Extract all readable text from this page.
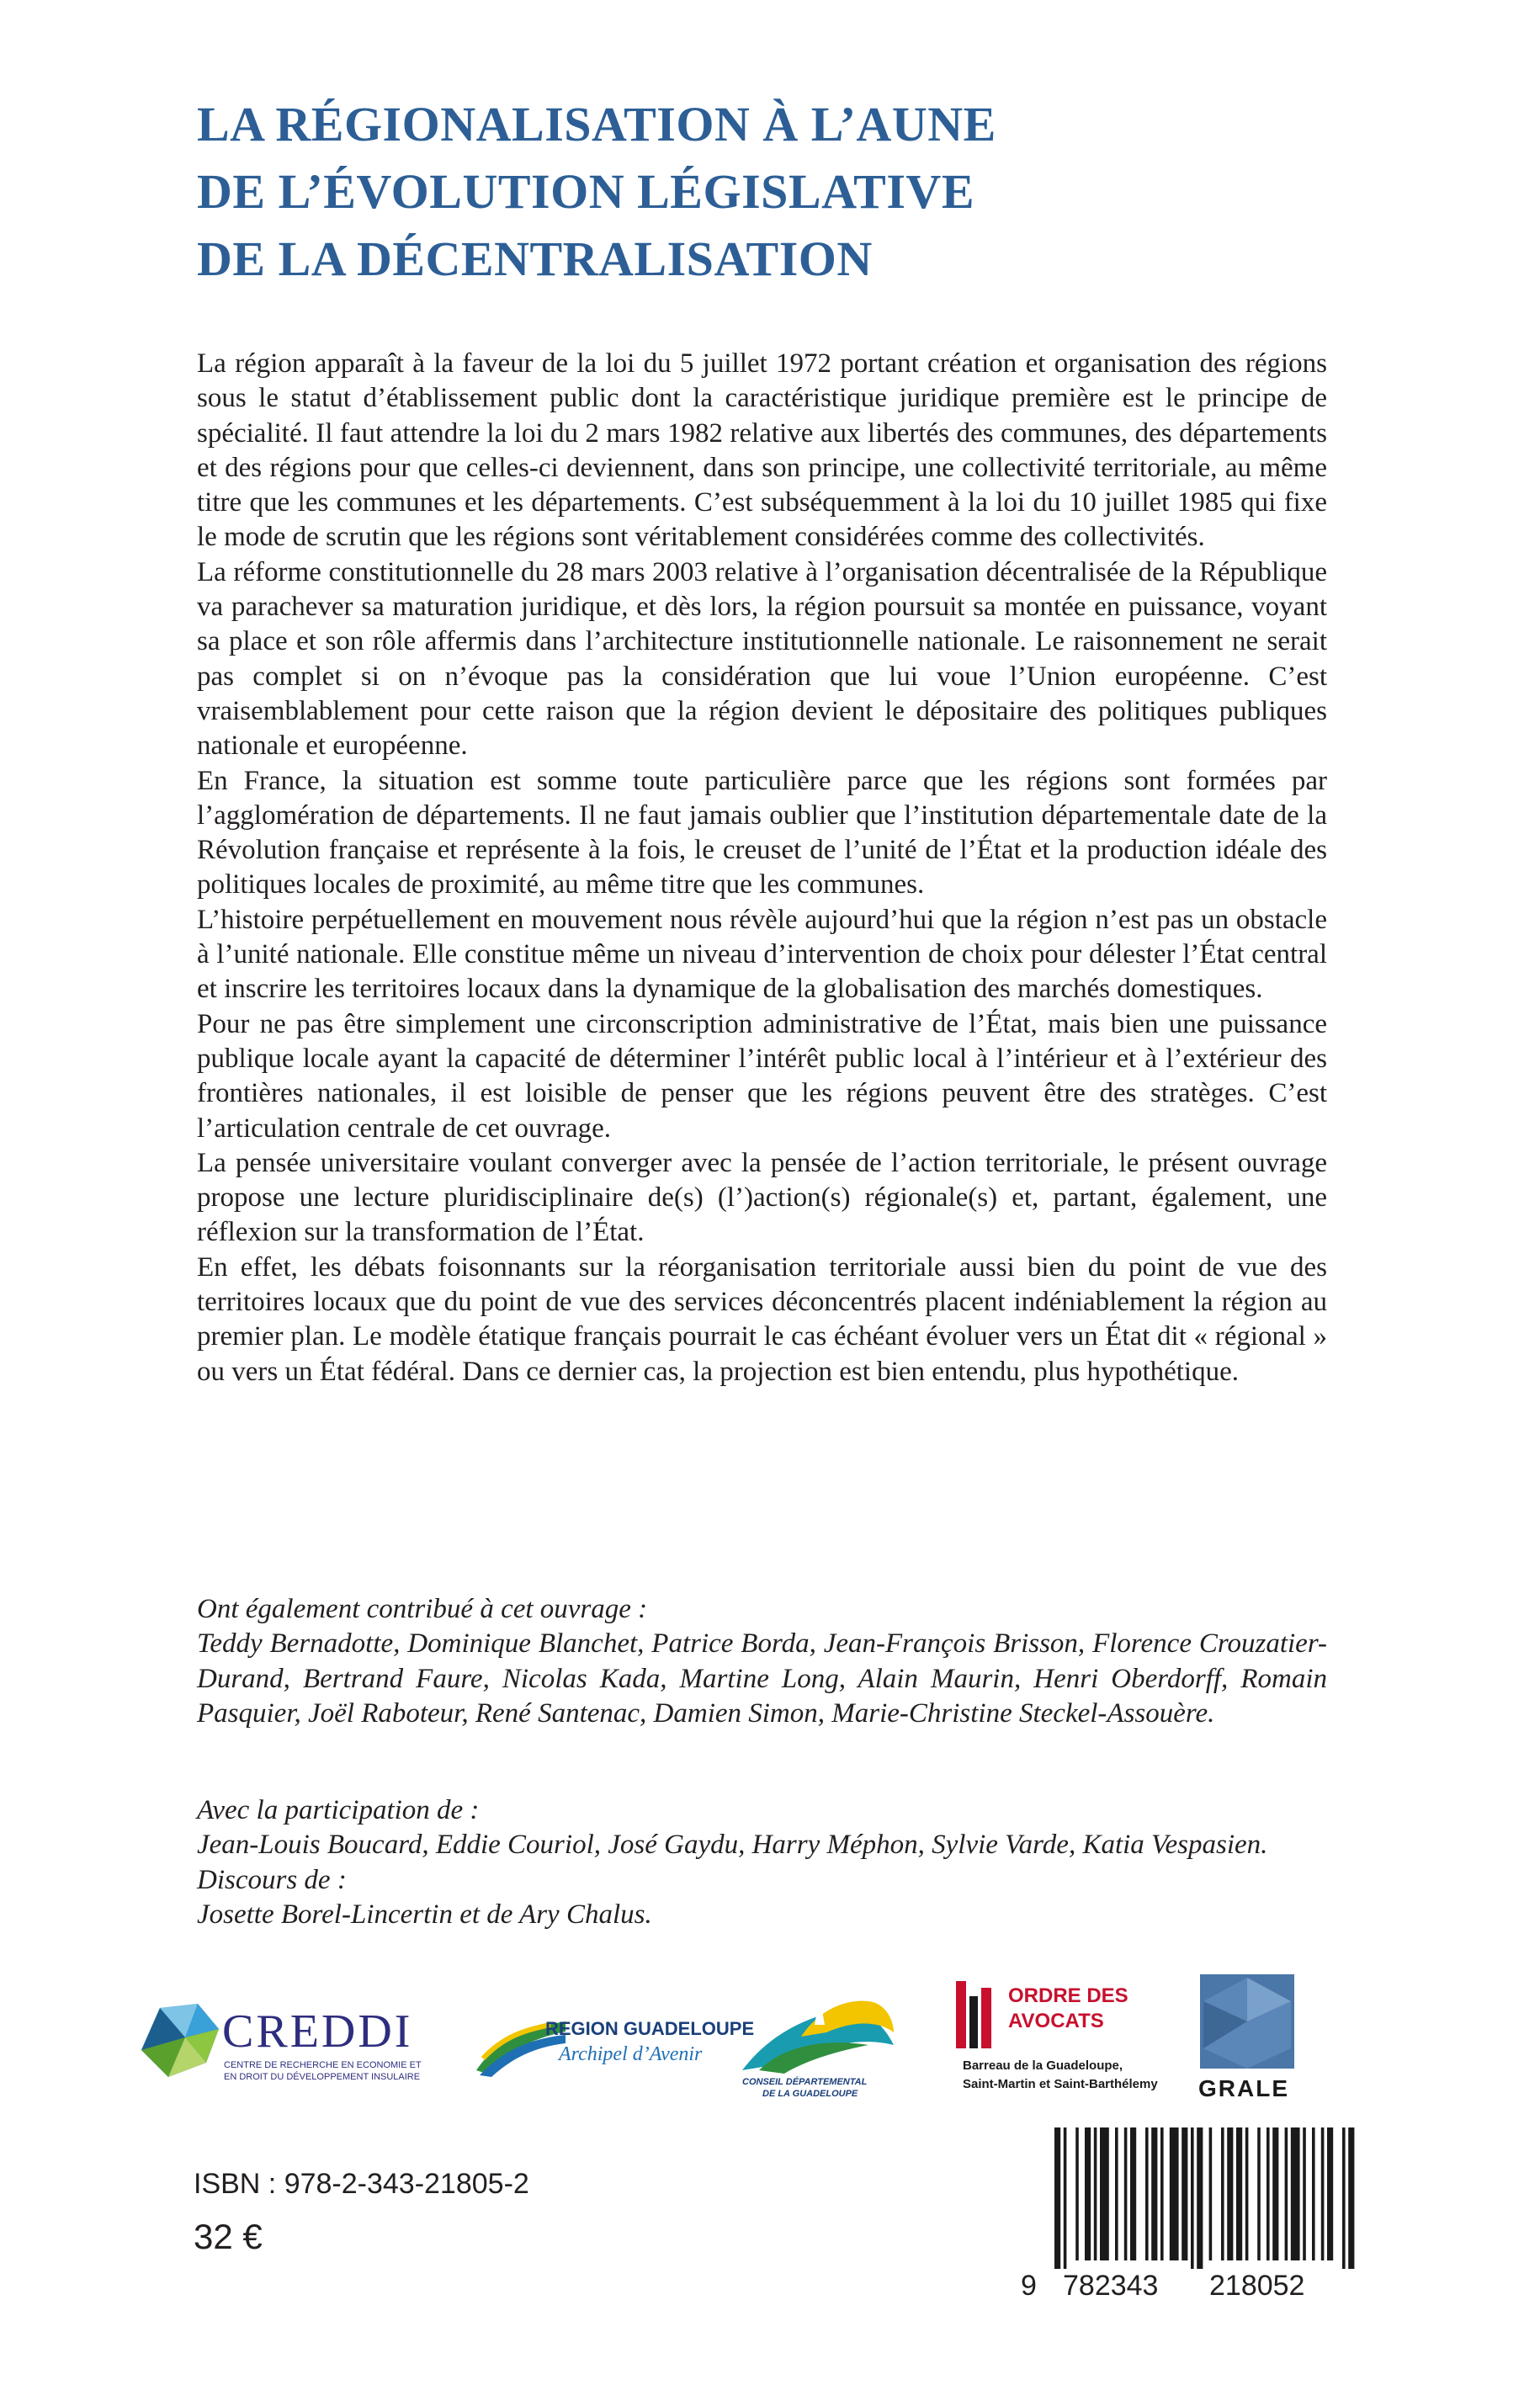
LA RÉGIONALISATION À L’AUNE
DE L’ÉVOLUTION LÉGISLATIVE
DE LA DÉCENTRALISATION

La région apparaît à la faveur de la loi du 5 juillet 1972 portant création et organisation des régions sous le statut d’établissement public dont la caractéristique juridique première est le principe de spécialité. Il faut attendre la loi du 2 mars 1982 relative aux libertés des communes, des départements et des régions pour que celles-ci deviennent, dans son principe, une collectivité territoriale, au même titre que les communes et les départements. C’est subséquemment à la loi du 10 juillet 1985 qui fixe le mode de scrutin que les régions sont véritablement considérées comme des collectivités.

La réforme constitutionnelle du 28 mars 2003 relative à l’organisation décentralisée de la République va parachever sa maturation juridique, et dès lors, la région poursuit sa montée en puissance, voyant sa place et son rôle affermis dans l’architecture institutionnelle nationale. Le raisonnement ne serait pas complet si on n’évoque pas la considération que lui voue l’Union européenne. C’est vraisemblablement pour cette raison que la région devient le dépositaire des politiques publiques nationale et européenne.

En France, la situation est somme toute particulière parce que les régions sont formées par l’agglomération de départements. Il ne faut jamais oublier que l’institution départementale date de la Révolution française et représente à la fois, le creuset de l’unité de l’État et la production idéale des politiques locales de proximité, au même titre que les communes.

L’histoire perpétuellement en mouvement nous révèle aujourd’hui que la région n’est pas un obstacle à l’unité nationale. Elle constitue même un niveau d’intervention de choix pour délester l’État central et inscrire les territoires locaux dans la dynamique de la globalisation des marchés domestiques.

Pour ne pas être simplement une circonscription administrative de l’État, mais bien une puissance publique locale ayant la capacité de déterminer l’intérêt public local à l’intérieur et à l’extérieur des frontières nationales, il est loisible de penser que les régions peuvent être des stratèges. C’est l’articulation centrale de cet ouvrage.

La pensée universitaire voulant converger avec la pensée de l’action territoriale, le présent ouvrage propose une lecture pluridisciplinaire de(s) (l’)action(s) régionale(s) et, partant, également, une réflexion sur la transformation de l’État.

En effet, les débats foisonnants sur la réorganisation territoriale aussi bien du point de vue des territoires locaux que du point de vue des services déconcentrés placent indéniablement la région au premier plan. Le modèle étatique français pourrait le cas échéant évoluer vers un État dit « régional » ou vers un État fédéral. Dans ce dernier cas, la projection est bien entendu, plus hypothétique.

Ont également contribué à cet ouvrage :

Teddy Bernadotte, Dominique Blanchet, Patrice Borda, Jean-François Brisson, Florence Crouzatier-Durand, Bertrand Faure, Nicolas Kada, Martine Long, Alain Maurin, Henri Oberdorff, Romain Pasquier, Joël Raboteur, René Santenac, Damien Simon, Marie-Christine Steckel-Assouère.

Avec la participation de :

Jean-Louis Boucard, Eddie Couriol, José Gaydu, Harry Méphon, Sylvie Varde, Katia Vespasien.

Discours de :

Josette Borel-Lincertin et de Ary Chalus.

CREDDI
CENTRE DE RECHERCHE EN ECONOMIE ET
EN DROIT DU DÉVELOPPEMENT INSULAIRE
REGION GUADELOUPE
Archipel d’Avenir
CONSEIL DÉPARTEMENTAL
DE LA GUADELOUPE
ORDRE DES
AVOCATS
Barreau de la Guadeloupe,
Saint-Martin et Saint-Barthélemy GRALE
ISBN : 978-2-343-21805-2
32 €
9 782343 218052
